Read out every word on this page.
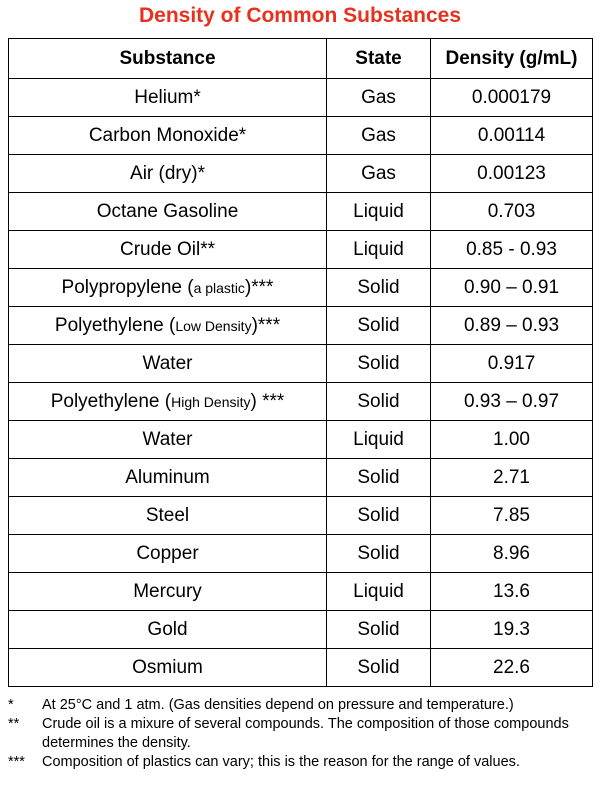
Density of Common Substances
Substance	State	Density (g/mL)
Helium*	Gas	0.000179
Carbon Monoxide*	Gas	0.00114
Air (dry)*	Gas	0.00123
Octane Gasoline	Liquid	0.703
Crude Oil**	Liquid	0.85 - 0.93
Polypropylene (a plastic)***	Solid	0.90 – 0.91
Polyethylene (Low Density)***	Solid	0.89 – 0.93
Water	Solid	0.917
Polyethylene (High Density) ***	Solid	0.93 – 0.97
Water	Liquid	1.00
Aluminum	Solid	2.71
Steel	Solid	7.85
Copper	Solid	8.96
Mercury	Liquid	13.6
Gold	Solid	19.3
Osmium	Solid	22.6
*	At 25°C and 1 atm. (Gas densities depend on pressure and temperature.)
**	Crude oil is a mixure of several compounds. The composition of those compounds determines the density.
***	Composition of plastics can vary; this is the reason for the range of values.
